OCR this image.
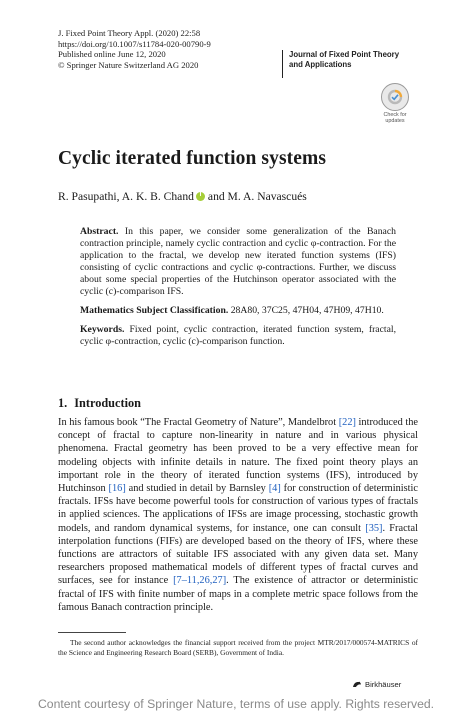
J. Fixed Point Theory Appl. (2020) 22:58
https://doi.org/10.1007/s11784-020-00790-9
Published online June 12, 2020
© Springer Nature Switzerland AG 2020
Journal of Fixed Point Theory
and Applications
Check for
updates
Cyclic iterated function systems
R. Pasupathi, A. K. B. Chand
i and M. A. Navascués

Abstract. In this paper, we consider some generalization of the Banach contraction principle, namely cyclic contraction and cyclic φ-contraction. For the application to the fractal, we develop new iterated function systems (IFS) consisting of cyclic contractions and cyclic φ-contractions. Further, we discuss about some special properties of the Hutchinson operator associated with the cyclic (c)-comparison IFS.

Mathematics Subject Classification. 28A80, 37C25, 47H04, 47H09, 47H10.

Keywords. Fixed point, cyclic contraction, iterated function system, fractal, cyclic φ-contraction, cyclic (c)-comparison function.

1. Introduction

In his famous book “The Fractal Geometry of Nature”, Mandelbrot [22] introduced the concept of fractal to capture non-linearity in nature and in various physical phenomena. Fractal geometry has been proved to be a very effective mean for modeling objects with infinite details in nature. The fixed point theory plays an important role in the theory of iterated function systems (IFS), introduced by Hutchinson [16] and studied in detail by Barnsley [4] for construction of deterministic fractals. IFSs have become powerful tools for construction of various types of fractals in applied sciences. The applications of IFSs are image processing, stochastic growth models, and random dynamical systems, for instance, one can consult [35]. Fractal interpolation functions (FIFs) are developed based on the theory of IFS, where these functions are attractors of suitable IFS associated with any given data set. Many researchers proposed mathematical models of different types of fractal curves and surfaces, see for instance [7–11,26,27]. The existence of attractor or deterministic fractal of IFS with finite number of maps in a complete metric space follows from the famous Banach contraction principle.

The second author acknowledges the financial support received from the project MTR/2017/000574-MATRICS of the Science and Engineering Research Board (SERB), Government of India.

Birkhäuser
Content courtesy of Springer Nature, terms of use apply. Rights reserved.
